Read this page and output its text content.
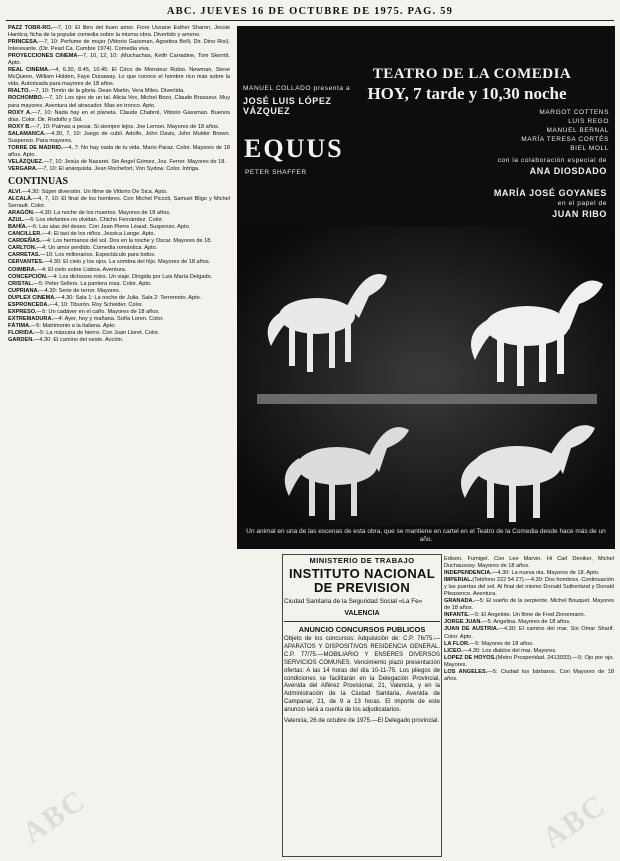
ABC. JUEVES 16 DE OCTUBRE DE 1975. PAG. 59
PAZZ TOBR-RO.—7, 10: El libro del buen amor. Fiore Ussane Esther Sharon, Jessie Hantica; ficha de la popular comedia sobre la misma obra. Divertido y ameno.
PRINCESA.—7, 10: Perfume de mujer (Vittorio Gassman, Agostina Belli, Dir. Dino Risi). Interesante. (Dir. Pearl Ca. Cumbre 1974). Comedia viva.
PROYECCIONES CINEMA—7, 10, 12, 10: ¡Muchachas, Keith Carradine, Tom Skerritt. Apto.
REAL CINEMA.—4, 6.30, 8.45, 10.45: El Circo de Monsieur Rubio. Newman, Steve McQueen, William Holden, Faye Dunaway. Lo que conoce el hombre rico más sobre la vida. Autorizada para mayores de 18 años.
RIALTO.—7, 10: Timón de la gloria. Dean Martin, Vera Miles. Divertida.
ROCHOMBO.—7, 10: Los ojos de un tal. Alicia Vox, Michel Bozo, Claude Brasseur. Muy para mayores. Aventura del atracador. Mas en tronco. Apto.
ROXY A.—7, 10: Nada hay en el planeta. Claude Chabrol, Vittorio Gassman. Buenos días. Color. Dir. Rodolfo y Sol.
ROXY B.—7, 10: Palmas a pesar. Si siempre lejos. Joe Lemon. Mayores de 18 años.
SALAMANCA.—4.30, 7, 10: Juego de cubil. Adolfo, John Davis, John Mulder Brown. Suspenso. Para mayores.
TORRE DE MADRID.—4, 7: No hay nada de tu vida. Mario Paraz. Color. Mayores de 18 años. Apto.
VELÁZQUEZ.—7, 10: Jesús de Nazaret. Sin Angel Gómez, Jos. Ferrer. Mayores de 18.
VERGARA.—7, 10: El anarquista. Jean Rochefort, Von Sydow. Color. Intriga.
CONTINUAS
ALVI.—4.30: Súper diversión. Un filme de Vittorio De Sica. Apto.
ALCALÁ.—4, 7, 10: El final de los hombres. Con Michel Piccoli, Samuel Bligo y Michel Serrault. Color.
ARAGÓN.—4.30: La noche de los muertos. Mayores de 18 años.
AZUL.—6: Los elefantes no olvidan. Chicho Fernández. Color.
BAHÍA.—6: Las alas del deseo. Con Jean Pierre Léaud. Suspenso. Apto.
CANCILLER.—4: El taxi de los niños. Jessica Lange. Apto.
CARDEÑAS.—4: Los hermanos del sol. Dos en la noche y Oscar. Mayores de 18.
CARLTON.—4: Un amor perdido. Comedia romántica. Apto.
CARRETAS.—10: Los millonarios. Espectáculo para todos.
CERVANTES.—4.30: El cielo y los ojos. La sombra del hijo. Mayores de 18 años.
COIMBRA.—4: El cielo sobre Lisboa. Aventura.
CONCEPCIÓN.—4: Los dichosos roles. Un viaje. Dirigida por Luis María Delgado.
CRISTAL.—5: Peter Sellers. La pantera rosa. Color. Apto.
CUPRIANA.—4.30: Serie de terror. Mayores.
DUPLEX CINEMA.—4.30: Sala 1: La noche de Julia. Sala 2: Terremoto. Apto.
ESPRONCEDA.—4, 10: Tiburón. Roy Scheider. Color.
EXPRESO.—5: Un cadáver en el caño. Mayores de 18 años.
EXTREMADURA.—4: Ayer, hoy y mañana. Sofía Loren. Color.
FÁTIMA.—5: Matrimonio a la italiana. Apto.
FLORIDA.—5: La máscara de hierro. Con Juan Lloret. Color.
GARDEN.—4.30: El camino del oeste. Acción.
MANUEL COLLADO presenta a
JOSÉ LUIS LÓPEZ VÁZQUEZ
TEATRO DE LA COMEDIA
HOY, 7 tarde y 10,30 noche
MARGOT COTTENS
LUIS REGO
MANUEL BERNAL
MARÍA TERESA CORTÉS
BIEL MOLL
EQUUS
PETER SHAFFER
con la colaboración especial de
ANA DIOSDADO
MARÍA JOSÉ GOYANES
en el papel de
JUAN RIBO
Un animal en una de las escenas de esta obra, que se mantiene en cartel en el Teatro de la Comedia desde hace más de un año.
MINISTERIO DE TRABAJO
INSTITUTO NACIONAL DE PREVISION
Ciudad Sanitaria de la Seguridad Social «La Fe»
VALENCIA
ANUNCIO CONCURSOS PUBLICOS
Objeto de los concursos: Adquisición de: C.P. 76/75.—APARATOS Y DISPOSITIVOS RESIDENCIA GENERAL. C.P. 77/75.—MOBILIARIO Y ENSERES DIVERSOS SERVICIOS COMUNES. Vencimiento plazo presentación ofertas: A las 14 horas del día 10-11-75. Los pliegos de condiciones se facilitarán en la Delegación Provincial, Avenida del Alférez Provisional, 21, Valencia, y en la Administración de la Ciudad Sanitaria, Avenida de Campanar, 21, de 9 a 13 horas. El importe de este anuncio será a cuenta de los adjudicatarios.
Valencia, 26 de octubre de 1975.—El Delegado provincial.
Edison. Fumigel. Con Lee Marvin. Hi Carl Deniker, Michel Duchaussoy. Mayores de 18 años.
INDEPENDENCIA.—4.30: La nueva ola. Mayores de 18. Apto.
IMPERIAL.(Teléfono 222 54 27).—4.30: Dos hombres. Continuación y las puertas del sol. Al final del mismo Donald Sutherland y Donald Pleasence. Aventura.
GRANADA.—5: El sueño de la serpiente. Michel Bouquet. Mayores de 18 años.
INFANTE.—5: El Angelote. Un filme de Fred Zinnemann.
JORGE JUAN.—5: Angelina. Mayores de 18 años.
JUAN DE AUSTRIA.—4.30: El camino del mar. Sin Omar Sharif. Color. Apto.
LA FLOR.—5: Mayores de 18 años.
LICEO.—4.30: Los diablos del mar. Mayores.
LOPEZ DE HOYOS.(Metro Prosperidad. 2413933).—5: Ojo por ojo. Mayores.
LOS ANGELES.—5: Ciudad los bárbaros. Con Mayores de 18 años.
ABC	ABC
